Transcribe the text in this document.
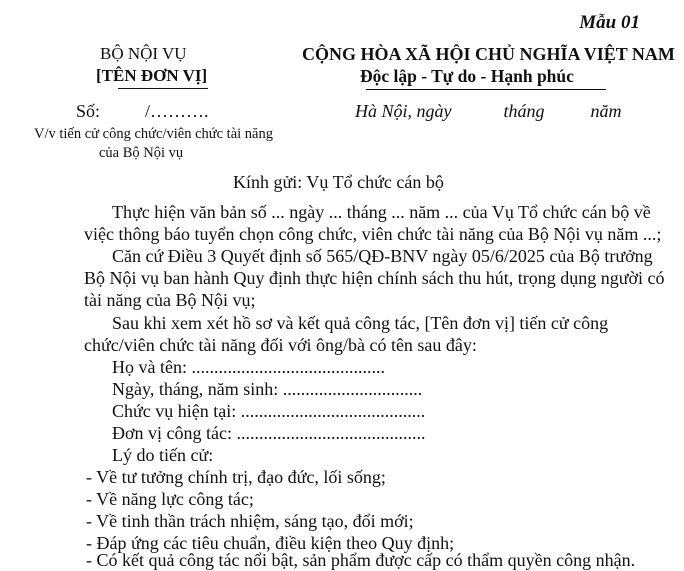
Mẫu 01
BỘ NỘI VỤ
[TÊN ĐƠN VỊ]
CỘNG HÒA XÃ HỘI CHỦ NGHĨA VIỆT NAM
Độc lập - Tự do - Hạnh phúc
Số:          /……….
V/v tiến cử công chức/viên chức tài năng
của Bộ Nội vụ
Hà Nội, ngày	tháng	năm
Kính gửi: Vụ Tổ chức cán bộ
Thực hiện văn bản số ... ngày ... tháng ... năm ... của Vụ Tổ chức cán bộ về
việc thông báo tuyển chọn công chức, viên chức tài năng của Bộ Nội vụ năm ...;
Căn cứ Điều 3 Quyết định số 565/QĐ-BNV ngày 05/6/2025 của Bộ trưởng
Bộ Nội vụ ban hành Quy định thực hiện chính sách thu hút, trọng dụng người có
tài năng của Bộ Nội vụ;
Sau khi xem xét hồ sơ và kết quả công tác, [Tên đơn vị] tiến cử công
chức/viên chức tài năng đối với ông/bà có tên sau đây:
Họ và tên: ...........................................
Ngày, tháng, năm sinh: ...............................
Chức vụ hiện tại: .........................................
Đơn vị công tác: ..........................................
Lý do tiến cử:
- Về tư tưởng chính trị, đạo đức, lối sống;
- Về năng lực công tác;
- Về tinh thần trách nhiệm, sáng tạo, đổi mới;
- Đáp ứng các tiêu chuẩn, điều kiện theo Quy định;
- Có kết quả công tác nổi bật, sản phẩm được cấp có thẩm quyền công nhận.
